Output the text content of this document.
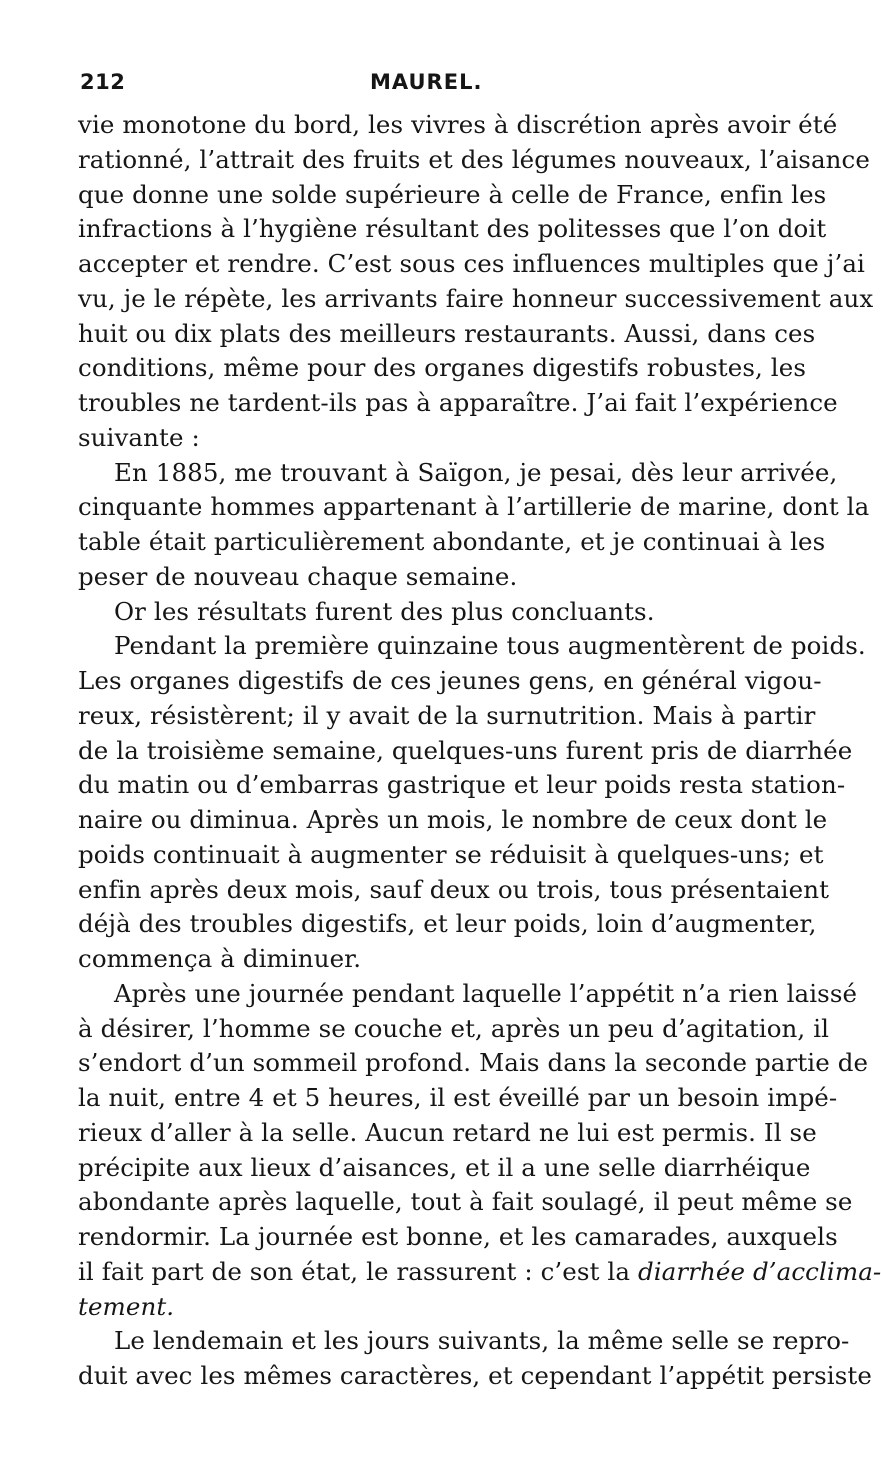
212	MAUREL.
vie monotone du bord, les vivres à discrétion après avoir été
rationné, l’attrait des fruits et des légumes nouveaux, l’aisance
que donne une solde supérieure à celle de France, enfin les
infractions à l’hygiène résultant des politesses que l’on doit
accepter et rendre. C’est sous ces influences multiples que j’ai
vu, je le répète, les arrivants faire honneur successivement aux
huit ou dix plats des meilleurs restaurants. Aussi, dans ces
conditions, même pour des organes digestifs robustes, les
troubles ne tardent-ils pas à apparaître. J’ai fait l’expérience
suivante :
En 1885, me trouvant à Saïgon, je pesai, dès leur arrivée,
cinquante hommes appartenant à l’artillerie de marine, dont la
table était particulièrement abondante, et je continuai à les
peser de nouveau chaque semaine.
Or les résultats furent des plus concluants.
Pendant la première quinzaine tous augmentèrent de poids.
Les organes digestifs de ces jeunes gens, en général vigou-
reux, résistèrent; il y avait de la surnutrition. Mais à partir
de la troisième semaine, quelques-uns furent pris de diarrhée
du matin ou d’embarras gastrique et leur poids resta station-
naire ou diminua. Après un mois, le nombre de ceux dont le
poids continuait à augmenter se réduisit à quelques-uns; et
enfin après deux mois, sauf deux ou trois, tous présentaient
déjà des troubles digestifs, et leur poids, loin d’augmenter,
commença à diminuer.
Après une journée pendant laquelle l’appétit n’a rien laissé
à désirer, l’homme se couche et, après un peu d’agitation, il
s’endort d’un sommeil profond. Mais dans la seconde partie de
la nuit, entre 4 et 5 heures, il est éveillé par un besoin impé-
rieux d’aller à la selle. Aucun retard ne lui est permis. Il se
précipite aux lieux d’aisances, et il a une selle diarrhéique
abondante après laquelle, tout à fait soulagé, il peut même se
rendormir. La journée est bonne, et les camarades, auxquels
il fait part de son état, le rassurent : c’est la diarrhée d’acclima-
tement.
Le lendemain et les jours suivants, la même selle se repro-
duit avec les mêmes caractères, et cependant l’appétit persiste
